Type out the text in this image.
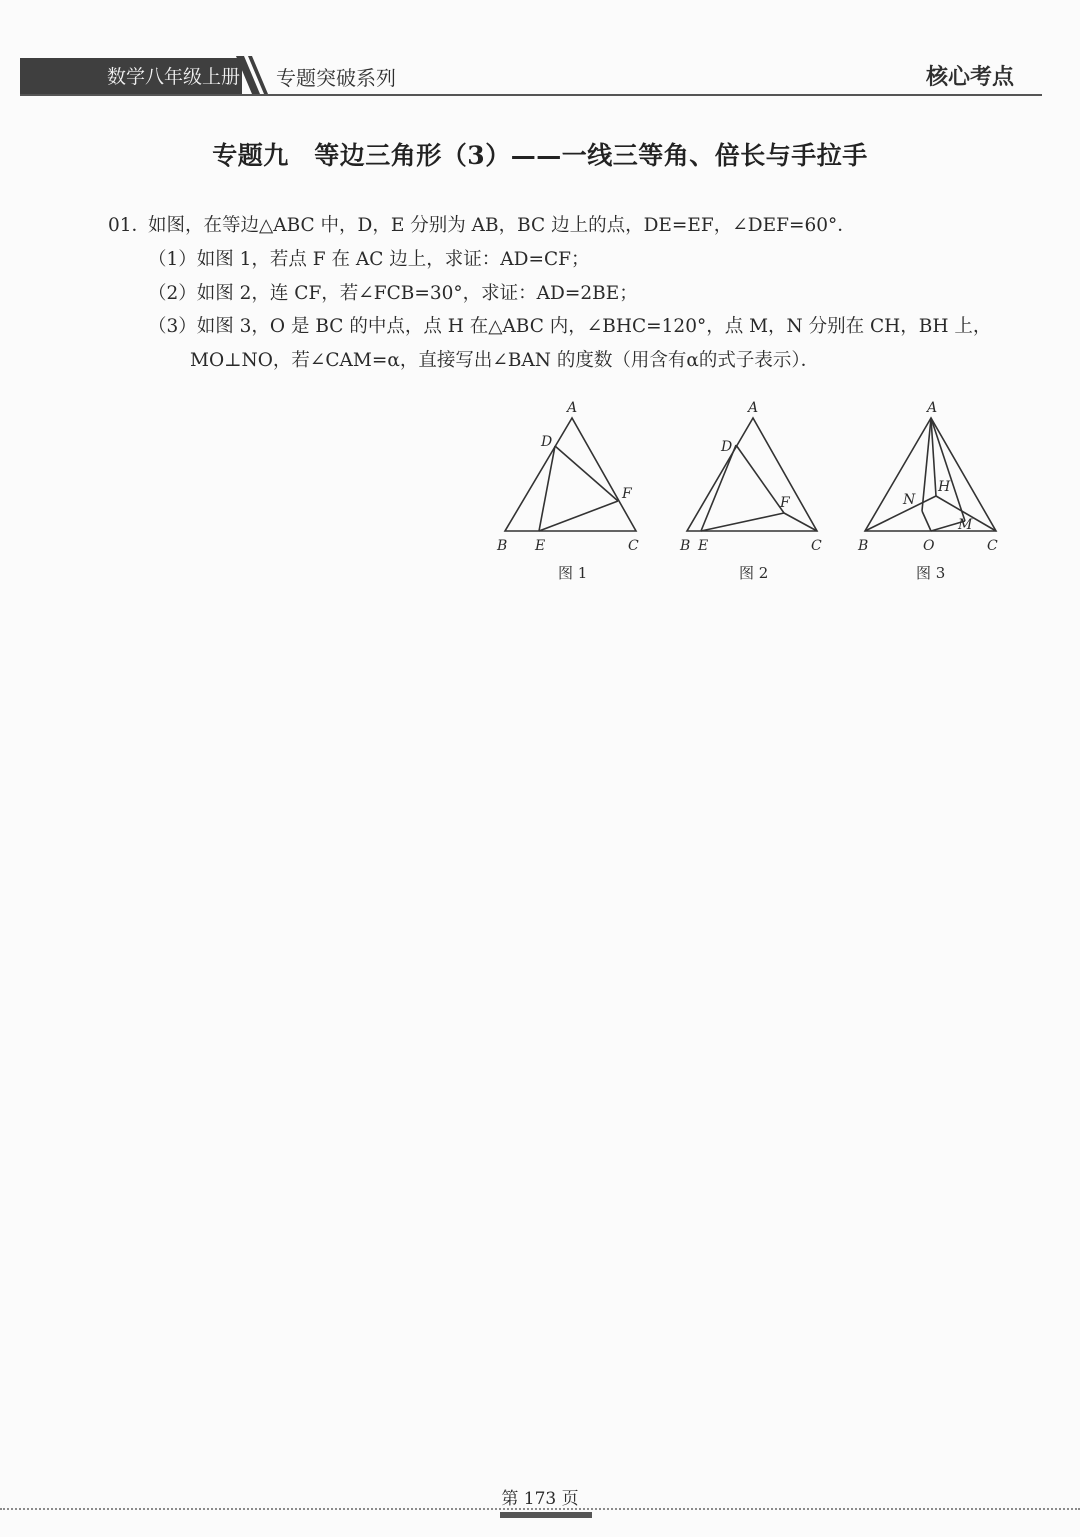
数学八年级上册 专题突破系列	核心考点
专题九　等边三角形（3）——一线三等角、倍长与手拉手
01．
如图，在等边△ABC 中，D，E 分别为 AB，BC 边上的点，DE=EF，∠DEF=60°．
（1）如图 1，若点 F 在 AC 边上，求证：AD=CF；
（2）如图 2，连 CF，若∠FCB=30°，求证：AD=2BE；
（3）如图 3，O 是 BC 的中点，点 H 在△ABC 内，∠BHC=120°，点 M，N 分别在 CH，BH 上，
MO⊥NO，若∠CAM=α，直接写出∠BAN 的度数（用含有α的式子表示）．
A
D
F
B E	C
A
D
F
B E	C
A
H
N
M
B	O	C
图 1	图 2	图 3
第 173 页
